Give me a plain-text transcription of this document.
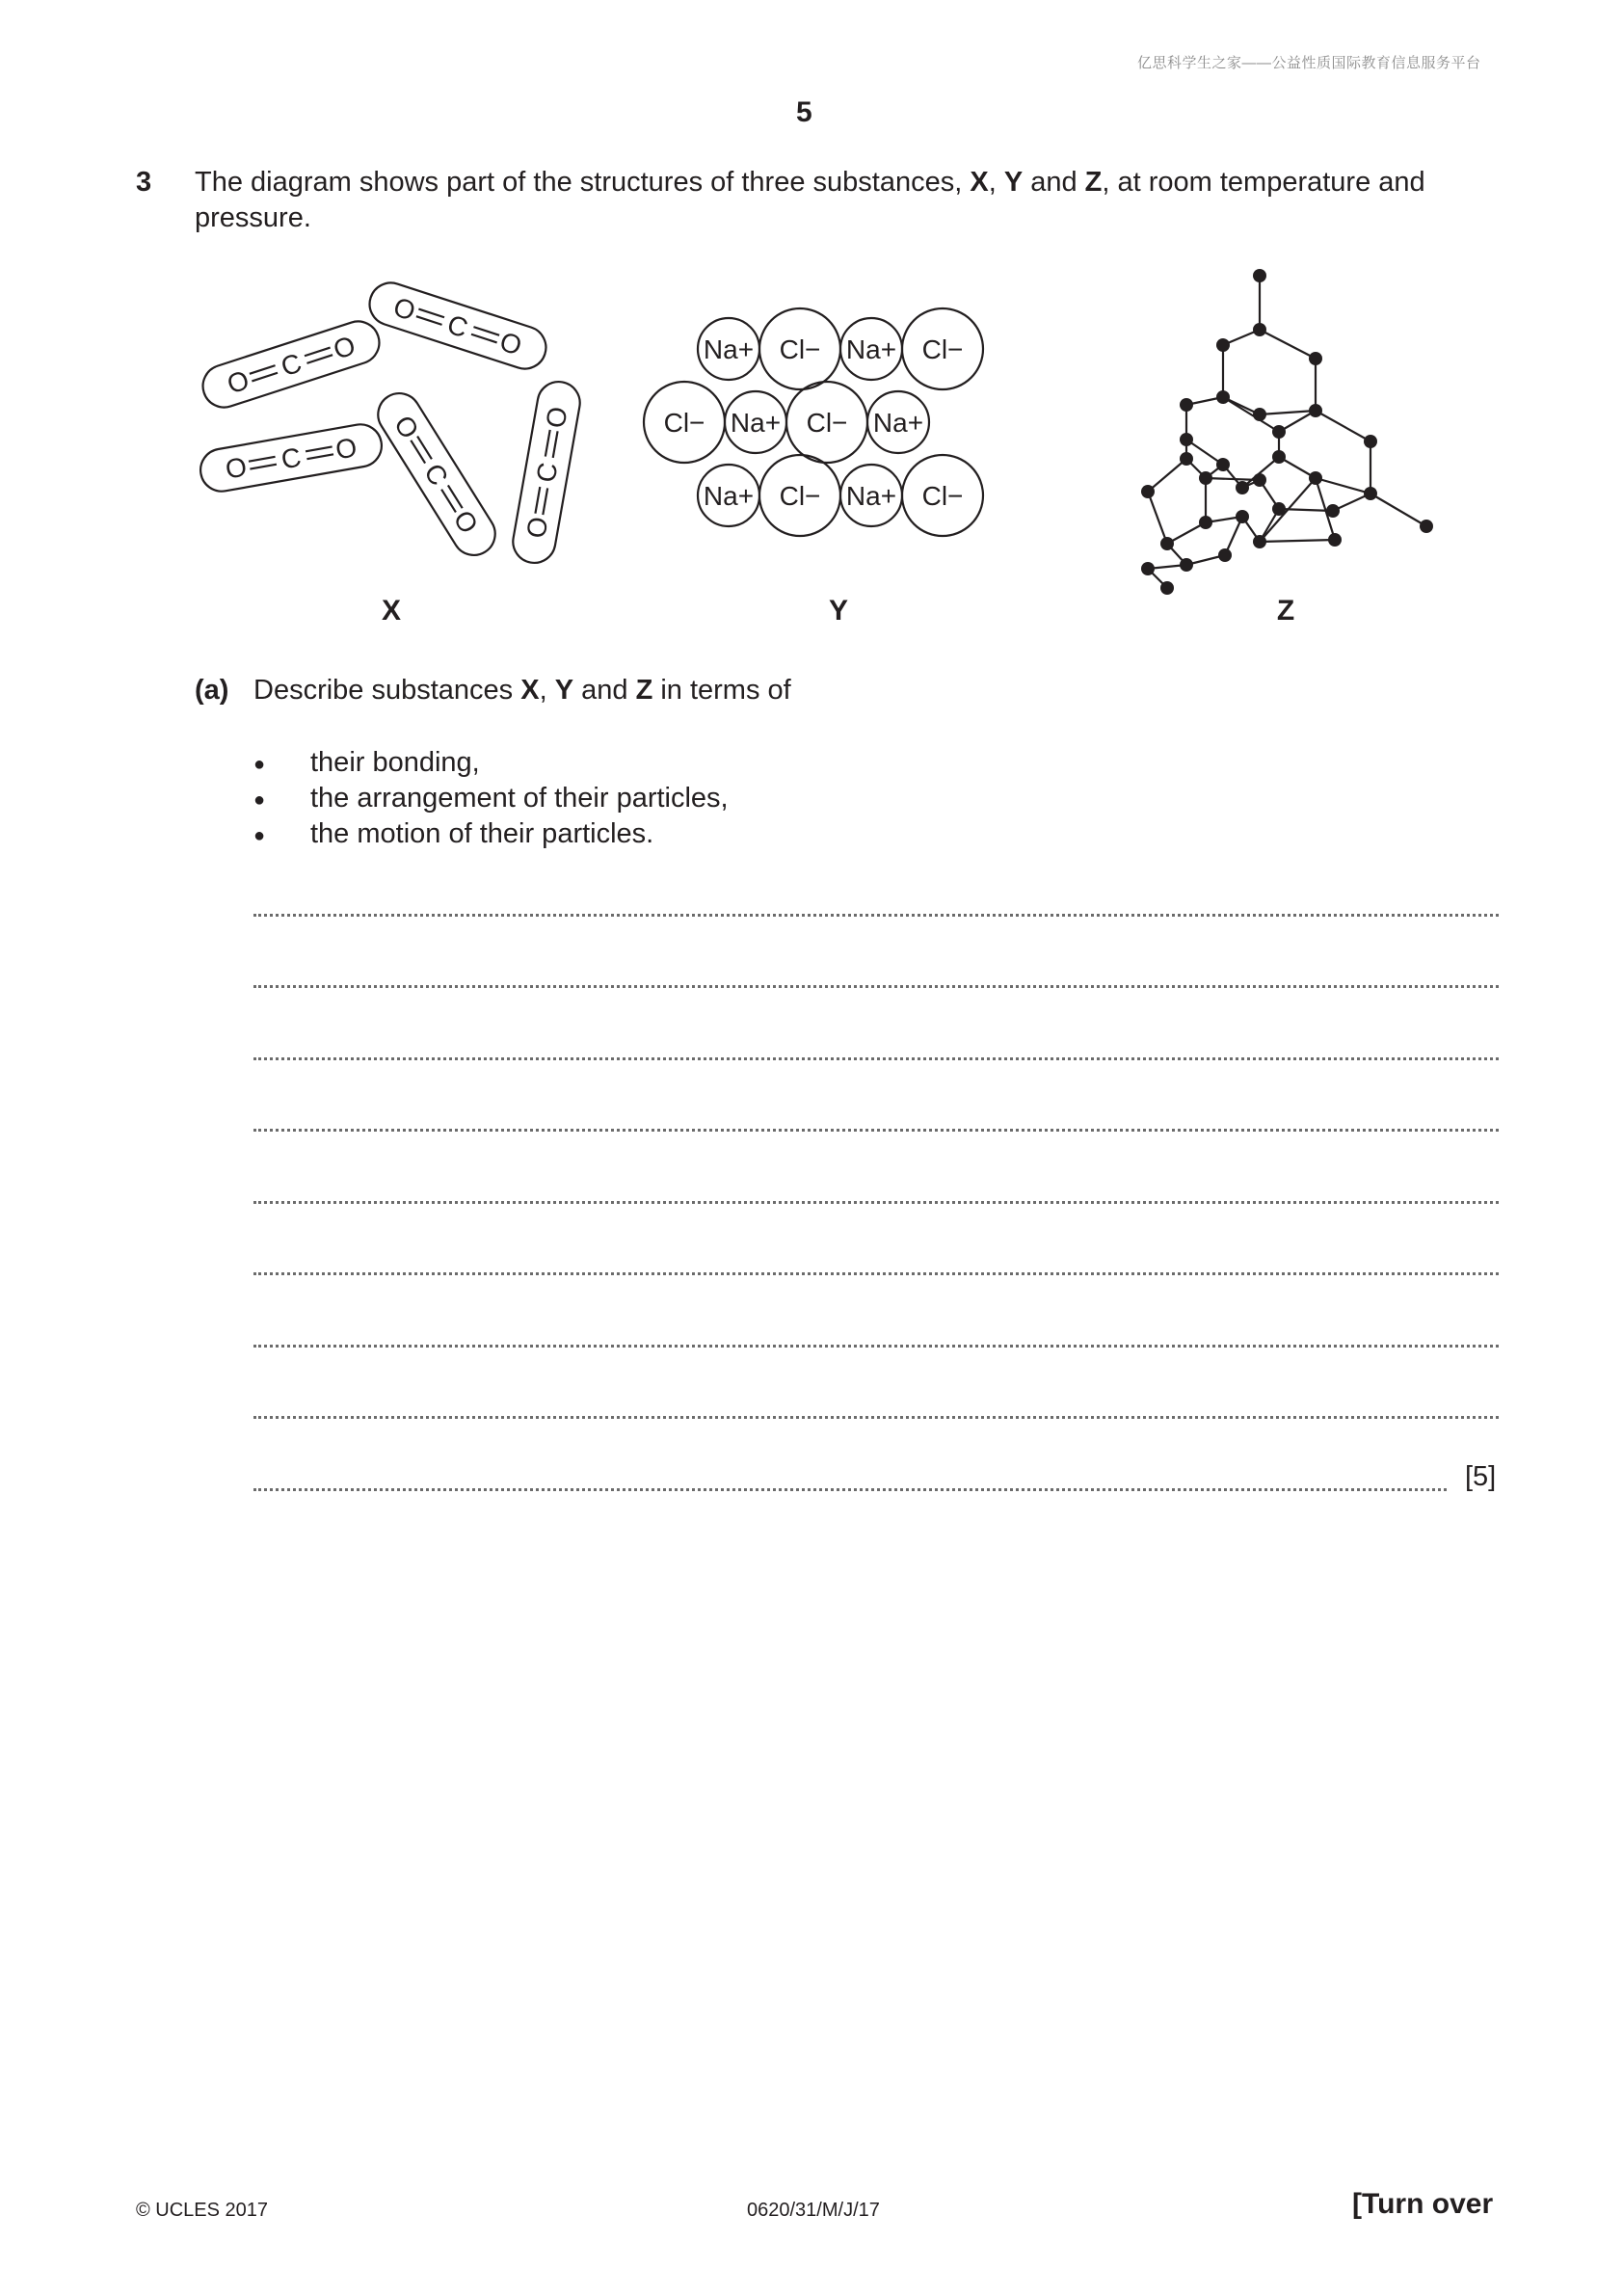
亿思科学生之家——公益性质国际教育信息服务平台
5
3 The diagram shows part of the structures of three substances, X, Y and Z, at room temperature and pressure.
O C O
O C O
O C O
O
C
O O
C
O
Na+ Cl− Na+ Cl−
Cl− Na+ Cl− Na+
Na+ Cl− Na+ Cl−
X	Y	Z
(a) Describe substances X, Y and Z in terms of
● their bonding,
● the arrangement of their particles,
● the motion of their particles.
[5]
© UCLES 2017	0620/31/M/J/17	[Turn over
